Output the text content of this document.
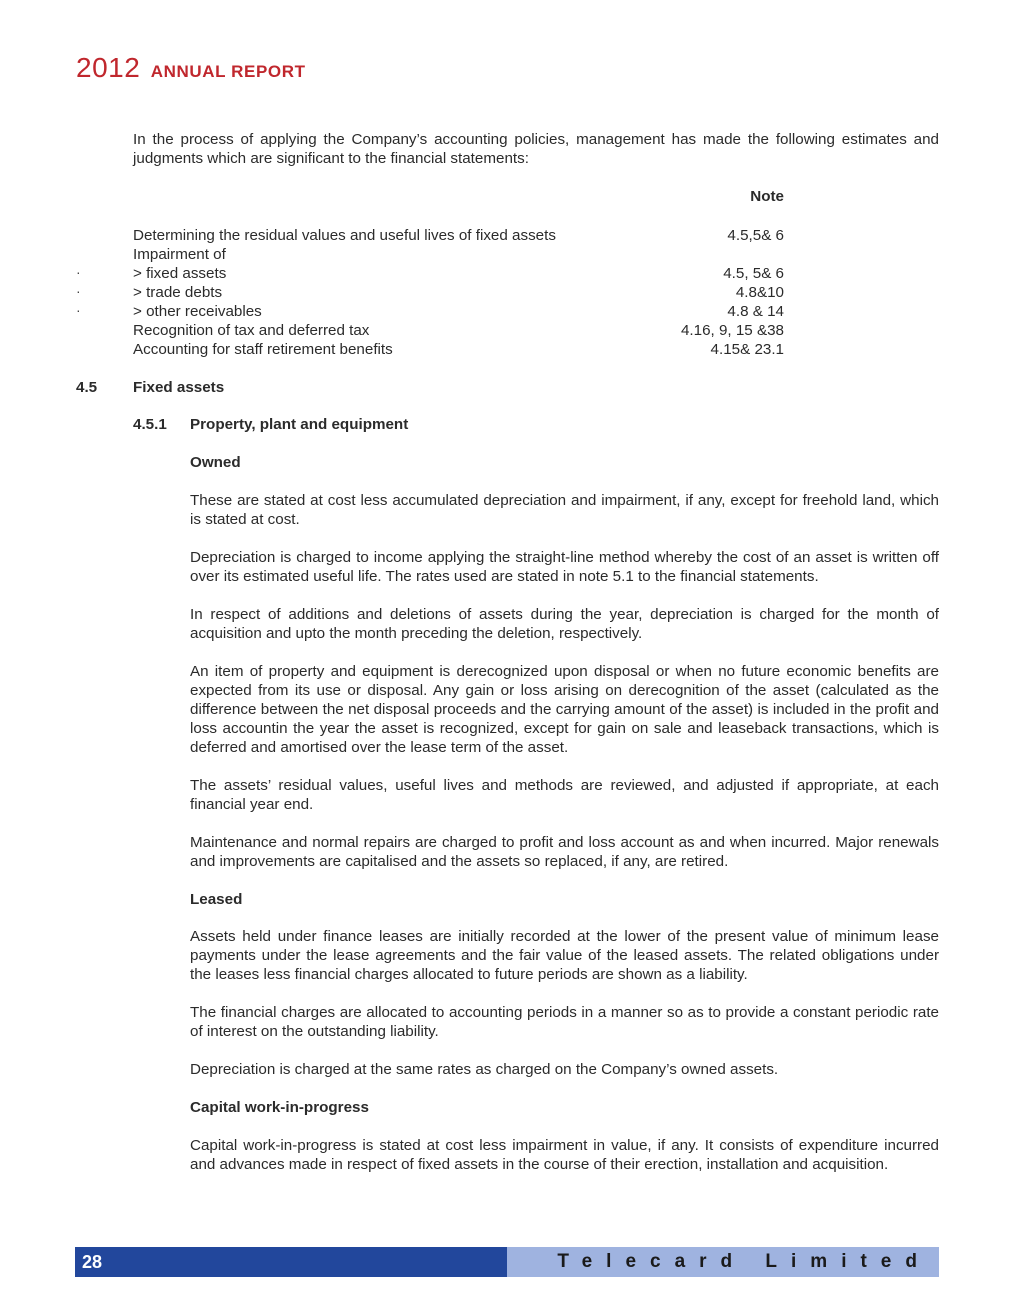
2012 ANNUAL REPORT

In the process of applying the Company’s accounting policies, management has made the following estimates and judgments which are significant to the financial statements:

Note
Determining the residual values and useful lives of fixed assets	4.5,5& 6
Impairment of
·	> fixed assets	4.5, 5& 6
·	> trade debts	4.8&10
·	> other receivables	4.8 & 14
Recognition of tax and deferred tax	4.16, 9, 15 &38
Accounting for staff retirement benefits	4.15& 23.1
4.5 Fixed assets
4.5.1 Property, plant and equipment
Owned

These are stated at cost less accumulated depreciation and impairment, if any, except for freehold land, which is stated at cost.

Depreciation is charged to income applying the straight-line method whereby the cost of an asset is written off over its estimated useful life. The rates used are stated in note 5.1 to the financial statements.

In respect of additions and deletions of assets during the year, depreciation is charged for the month of acquisition and upto the month preceding the deletion, respectively.

An item of property and equipment is derecognized upon disposal or when no future economic benefits are expected from its use or disposal. Any gain or loss arising on derecognition of the asset (calculated as the difference between the net disposal proceeds and the carrying amount of the asset) is included in the profit and loss accountin the year the asset is recognized, except for gain on sale and leaseback transactions, which is deferred and amortised over the lease term of the asset.

The assets’ residual values, useful lives and methods are reviewed, and adjusted if appropriate, at each financial year end.

Maintenance and normal repairs are charged to profit and loss account as and when incurred. Major renewals and improvements are capitalised and the assets so replaced, if any, are retired.

Leased

Assets held under finance leases are initially recorded at the lower of the present value of minimum lease payments under the lease agreements and the fair value of the leased assets. The related obligations under the leases less financial charges allocated to future periods are shown as a liability.

The financial charges are allocated to accounting periods in a manner so as to provide a constant periodic rate of interest on the outstanding liability.

Depreciation is charged at the same rates as charged on the Company’s owned assets.

Capital work-in-progress

Capital work-in-progress is stated at cost less impairment in value, if any. It consists of expenditure incurred and advances made in respect of fixed assets in the course of their erection, installation and acquisition.

28	Telecard Limited
